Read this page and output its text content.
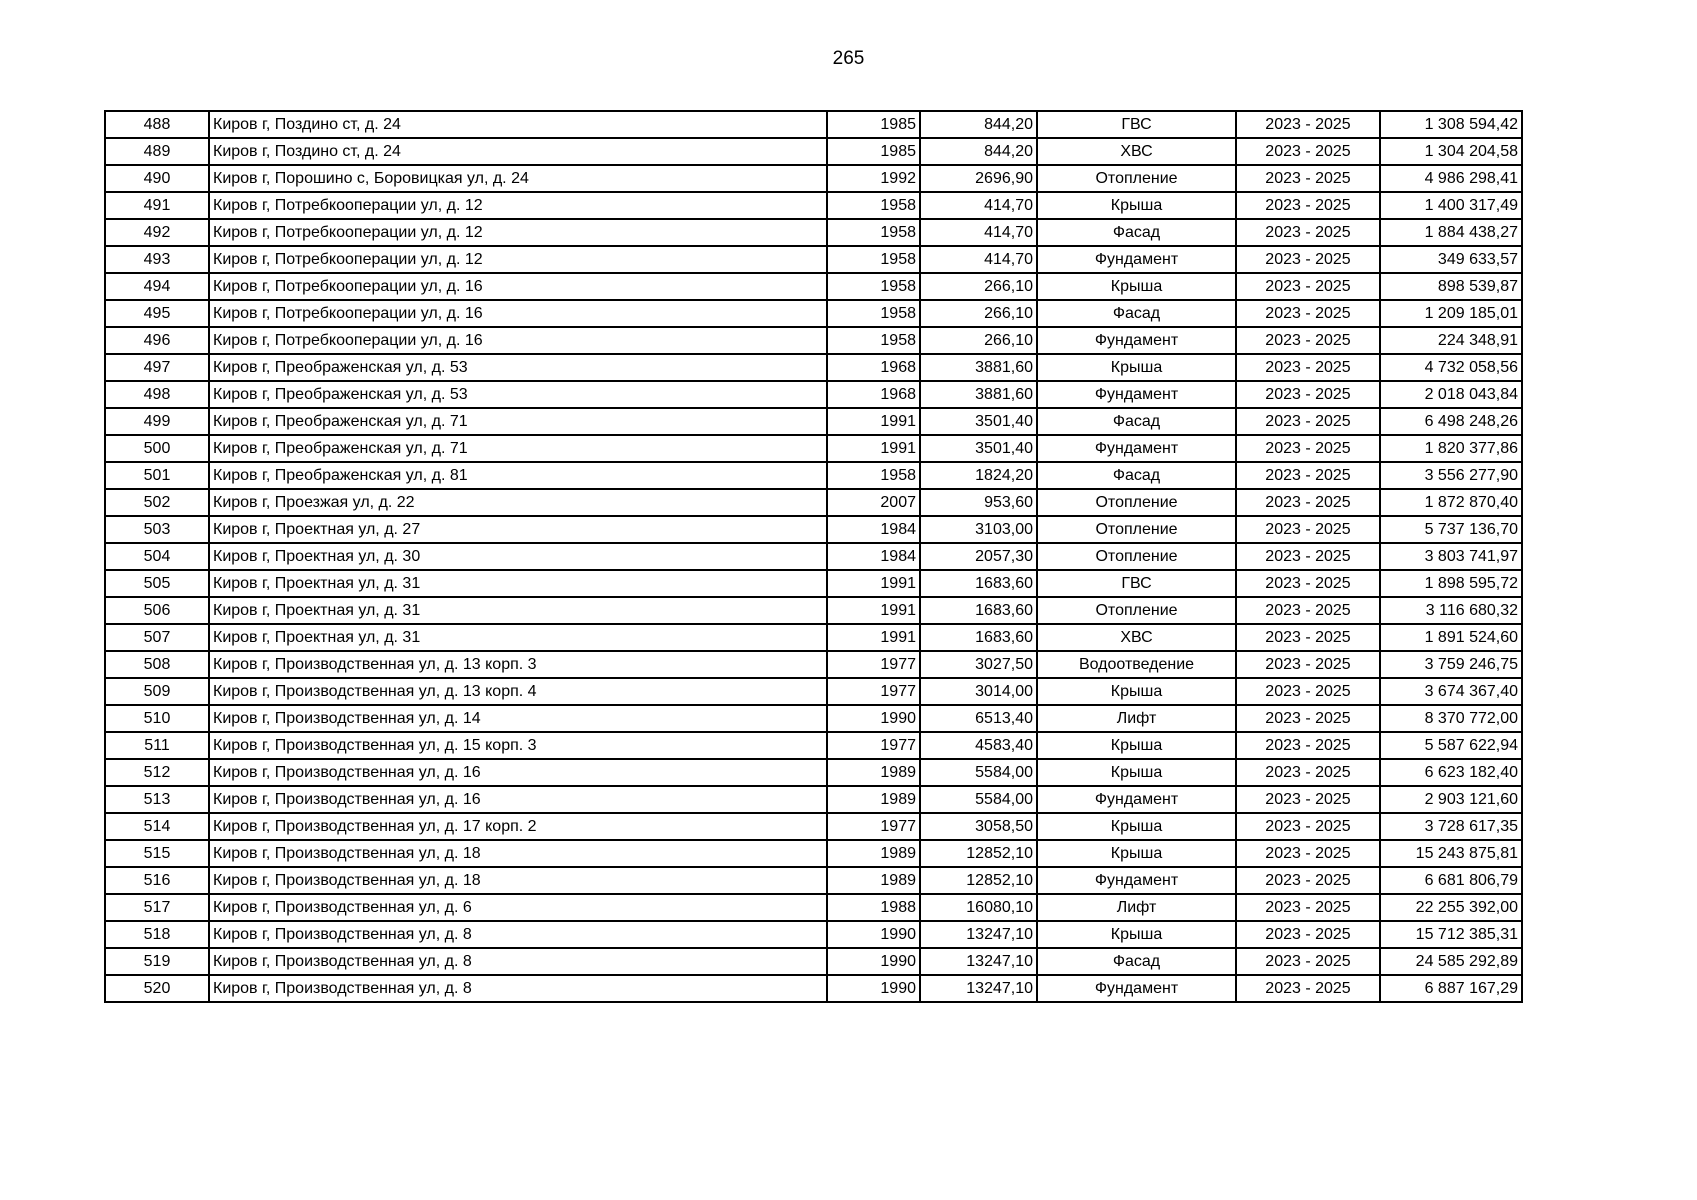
265
488	Киров г, Поздино ст, д. 24	1985	844,20	ГВС	2023 - 2025	1 308 594,42
489	Киров г, Поздино ст, д. 24	1985	844,20	ХВС	2023 - 2025	1 304 204,58
490	Киров г, Порошино с, Боровицкая ул, д. 24	1992	2696,90	Отопление	2023 - 2025	4 986 298,41
491	Киров г, Потребкооперации ул, д. 12	1958	414,70	Крыша	2023 - 2025	1 400 317,49
492	Киров г, Потребкооперации ул, д. 12	1958	414,70	Фасад	2023 - 2025	1 884 438,27
493	Киров г, Потребкооперации ул, д. 12	1958	414,70	Фундамент	2023 - 2025	349 633,57
494	Киров г, Потребкооперации ул, д. 16	1958	266,10	Крыша	2023 - 2025	898 539,87
495	Киров г, Потребкооперации ул, д. 16	1958	266,10	Фасад	2023 - 2025	1 209 185,01
496	Киров г, Потребкооперации ул, д. 16	1958	266,10	Фундамент	2023 - 2025	224 348,91
497	Киров г, Преображенская ул, д. 53	1968	3881,60	Крыша	2023 - 2025	4 732 058,56
498	Киров г, Преображенская ул, д. 53	1968	3881,60	Фундамент	2023 - 2025	2 018 043,84
499	Киров г, Преображенская ул, д. 71	1991	3501,40	Фасад	2023 - 2025	6 498 248,26
500	Киров г, Преображенская ул, д. 71	1991	3501,40	Фундамент	2023 - 2025	1 820 377,86
501	Киров г, Преображенская ул, д. 81	1958	1824,20	Фасад	2023 - 2025	3 556 277,90
502	Киров г, Проезжая ул, д. 22	2007	953,60	Отопление	2023 - 2025	1 872 870,40
503	Киров г, Проектная ул, д. 27	1984	3103,00	Отопление	2023 - 2025	5 737 136,70
504	Киров г, Проектная ул, д. 30	1984	2057,30	Отопление	2023 - 2025	3 803 741,97
505	Киров г, Проектная ул, д. 31	1991	1683,60	ГВС	2023 - 2025	1 898 595,72
506	Киров г, Проектная ул, д. 31	1991	1683,60	Отопление	2023 - 2025	3 116 680,32
507	Киров г, Проектная ул, д. 31	1991	1683,60	ХВС	2023 - 2025	1 891 524,60
508	Киров г, Производственная ул, д. 13 корп. 3	1977	3027,50	Водоотведение	2023 - 2025	3 759 246,75
509	Киров г, Производственная ул, д. 13 корп. 4	1977	3014,00	Крыша	2023 - 2025	3 674 367,40
510	Киров г, Производственная ул, д. 14	1990	6513,40	Лифт	2023 - 2025	8 370 772,00
511	Киров г, Производственная ул, д. 15 корп. 3	1977	4583,40	Крыша	2023 - 2025	5 587 622,94
512	Киров г, Производственная ул, д. 16	1989	5584,00	Крыша	2023 - 2025	6 623 182,40
513	Киров г, Производственная ул, д. 16	1989	5584,00	Фундамент	2023 - 2025	2 903 121,60
514	Киров г, Производственная ул, д. 17 корп. 2	1977	3058,50	Крыша	2023 - 2025	3 728 617,35
515	Киров г, Производственная ул, д. 18	1989	12852,10	Крыша	2023 - 2025	15 243 875,81
516	Киров г, Производственная ул, д. 18	1989	12852,10	Фундамент	2023 - 2025	6 681 806,79
517	Киров г, Производственная ул, д. 6	1988	16080,10	Лифт	2023 - 2025	22 255 392,00
518	Киров г, Производственная ул, д. 8	1990	13247,10	Крыша	2023 - 2025	15 712 385,31
519	Киров г, Производственная ул, д. 8	1990	13247,10	Фасад	2023 - 2025	24 585 292,89
520	Киров г, Производственная ул, д. 8	1990	13247,10	Фундамент	2023 - 2025	6 887 167,29
